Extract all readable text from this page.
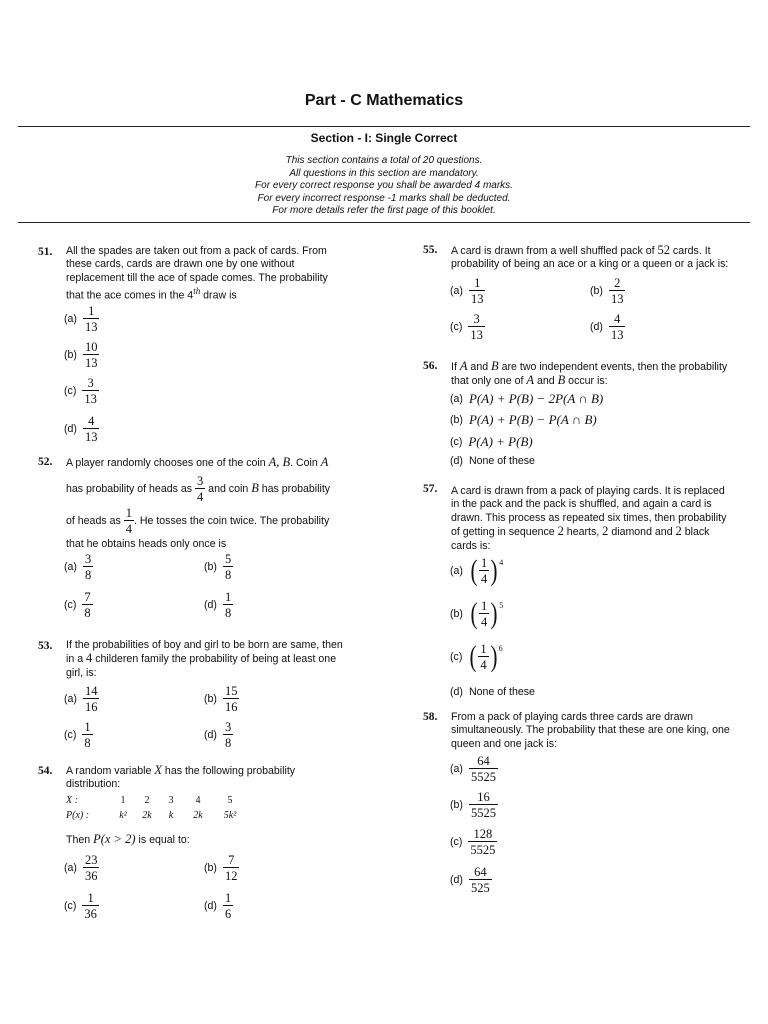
Part - C Mathematics
Section - I: Single Correct
This section contains a total of 20 questions.
All questions in this section are mandatory.
For every correct response you shall be awarded 4 marks.
For every incorrect response -1 marks shall be deducted.
For more details refer the first page of this booklet.
51. All the spades are taken out from a pack of cards. From
these cards, cards are drawn one by one without
replacement till the ace of spade comes. The probability
that the ace comes in the 4th draw is
$(a) \frac{1}{13}$
$(b) \frac{10}{13}$
$(c) \frac{3}{13}$
$(d) \frac{4}{13}$
52. A player randomly chooses one of the coin A, B. Coin A
has probability of heads as $\frac{3}{4}$ and coin B has probability
of heads as $\frac{1}{4}$ . He tosses the coin twice. The probability
that he obtains heads only once is
$(a) \frac{3}{8}$	$(b) \frac{5}{8}$
$(c) \frac{7}{8}$	$(d) \frac{1}{8}$
53. If the probabilities of boy and girl to be born are same, then
in a 4 childeren family the probability of being at least one
girl, is:
$(a) \frac{14}{16}$	$(b) \frac{15}{16}$
$(c) \frac{1}{8}$	$(d) \frac{3}{8}$
54. A random variable X has the following probability
distribution:
X :	1	2	3	4	5
P(x) :	k²	2k	k	2k	5k²
Then P(x > 2) is equal to:
$(a) \frac{23}{36}$	$(b) \frac{7}{12}$
$(c) \frac{1}{36}$	$(d) \frac{1}{6}$
55. A card is drawn from a well shuffled pack of 52 cards. It
probability of being an ace or a king or a queen or a jack is:
$(a) \frac{1}{13}$	$(b) \frac{2}{13}$
$(c) \frac{3}{13}$	$(d) \frac{4}{13}$
56. If A and B are two independent events, then the probability
that only one of A and B occur is:
(a) P(A) + P(B) − 2P(A ∩ B)
(b) P(A) + P(B) − P(A ∩ B)
(c) P(A) + P(B)
(d) None of these
57. A card is drawn from a pack of playing cards. It is replaced
in the pack and the pack is shuffled, and again a card is
drawn. This process as repeated six times, then probability
of getting in sequence 2 hearts, 2 diamond and 2 black
cards is:
(a) ( $\frac{1}{4} )^4$
(b) ( $\frac{1}{4} )^5$
(c) ( $\frac{1}{4} )^6$
(d) None of these
58. From a pack of playing cards three cards are drawn
simultaneously. The probability that these are one king, one
queen and one jack is:
$(a) \frac{64}{5525}$
$(b) \frac{16}{5525}$
$(c) \frac{128}{5525}$
$(d) \frac{64}{525}$
